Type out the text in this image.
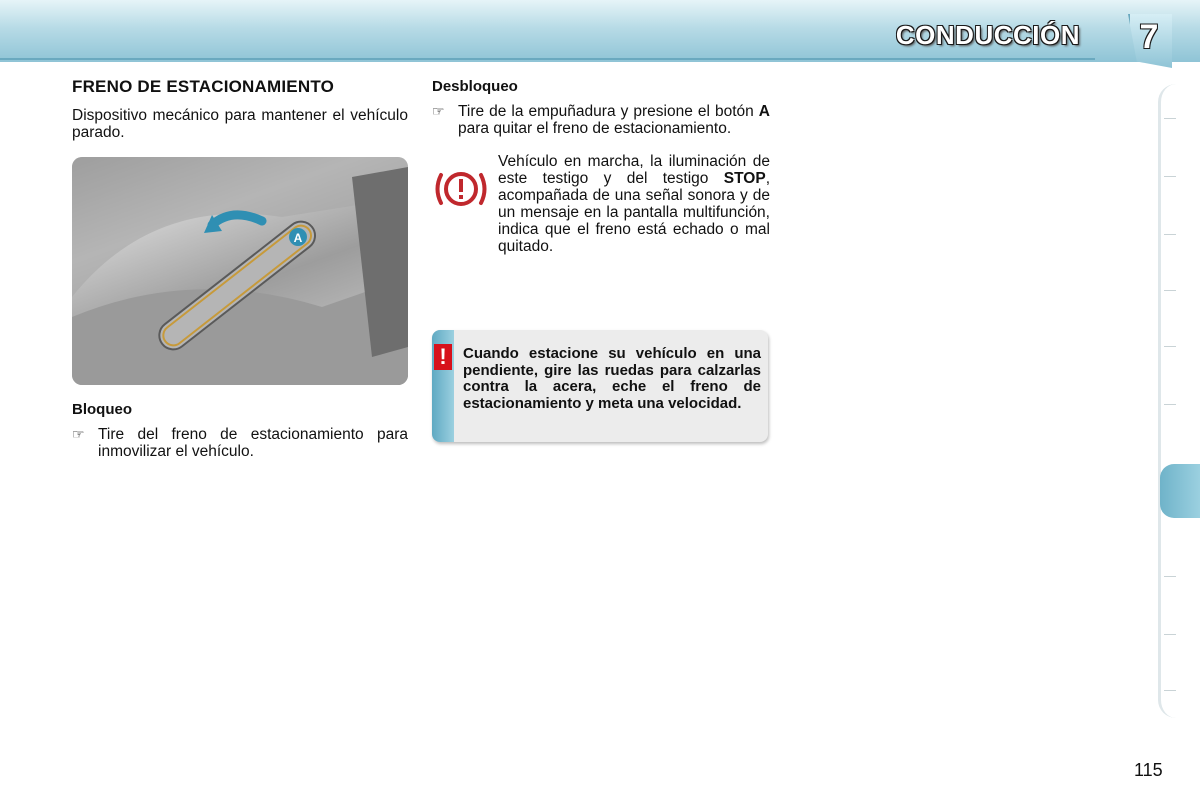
CONDUCCIÓN 7
FRENO DE ESTACIONAMIENTO

Dispositivo mecánico para mantener el vehículo parado.

A
Bloqueo
☞ Tire del freno de estacionamiento para inmovilizar el vehículo.
Desbloqueo
☞ Tire de la empuñadura y presione el botón A para quitar el freno de estacionamiento.
Vehículo en marcha, la iluminación de este testigo y del testigo STOP, acompañada de una señal sonora y de un mensaje en la pantalla multifunción, indica que el freno está echado o mal quitado.
!	Cuando estacione su vehículo en una pendiente, gire las ruedas para calzarlas contra la acera, eche el freno de estacionamiento y meta una velocidad.
115
